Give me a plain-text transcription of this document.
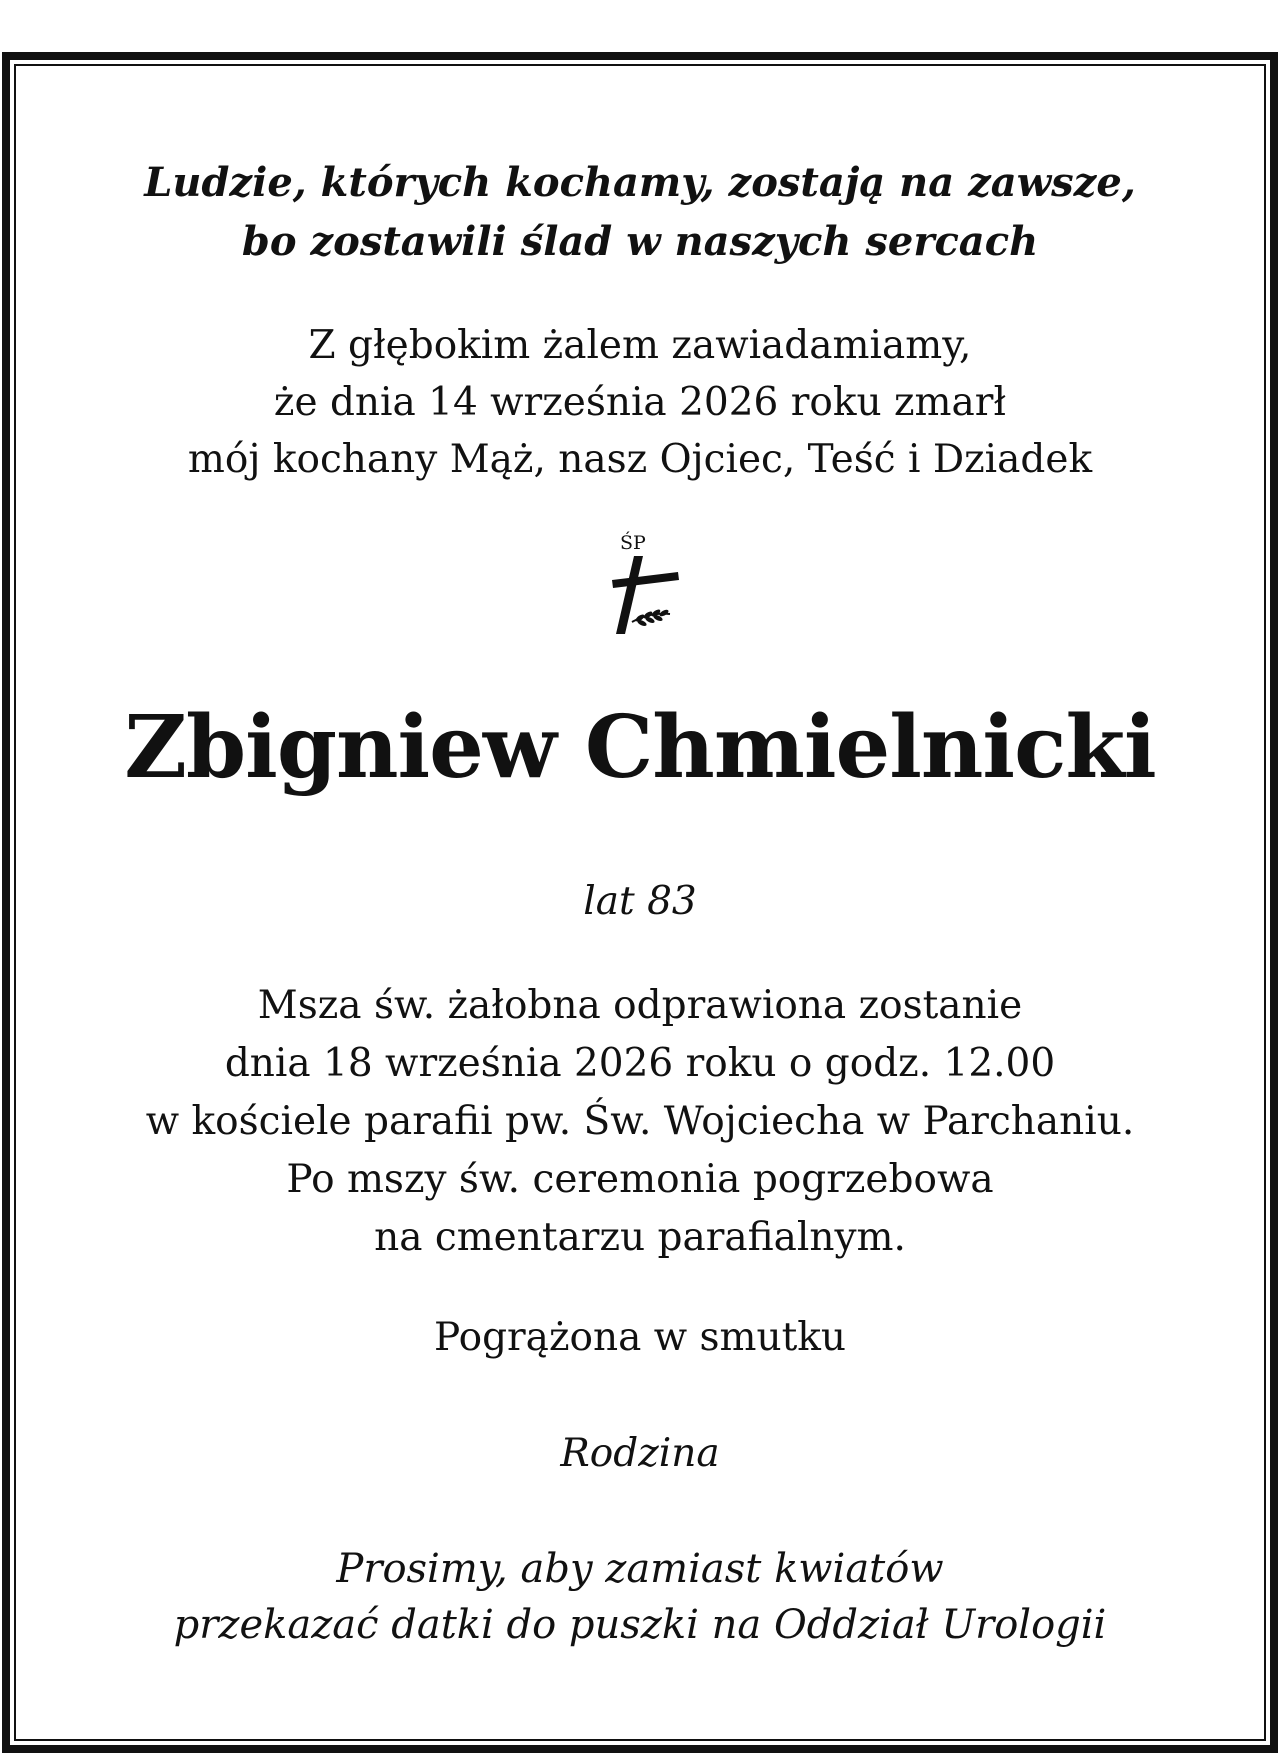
Ludzie, których kochamy, zostają na zawsze,
bo zostawili ślad w naszych sercach

Z głębokim żalem zawiadamiamy,
że dnia 14 września 2026 roku zmarł
mój kochany Mąż, nasz Ojciec, Teść i Dziadek

ŚP
Zbigniew Chmielnicki

lat 83

Msza św. żałobna odprawiona zostanie
dnia 18 września 2026 roku o godz. 12.00
w kościele parafii pw. Św. Wojciecha w Parchaniu.
Po mszy św. ceremonia pogrzebowa
na cmentarzu parafialnym.

Pogrążona w smutku

Rodzina

Prosimy, aby zamiast kwiatów
przekazać datki do puszki na Oddział Urologii
